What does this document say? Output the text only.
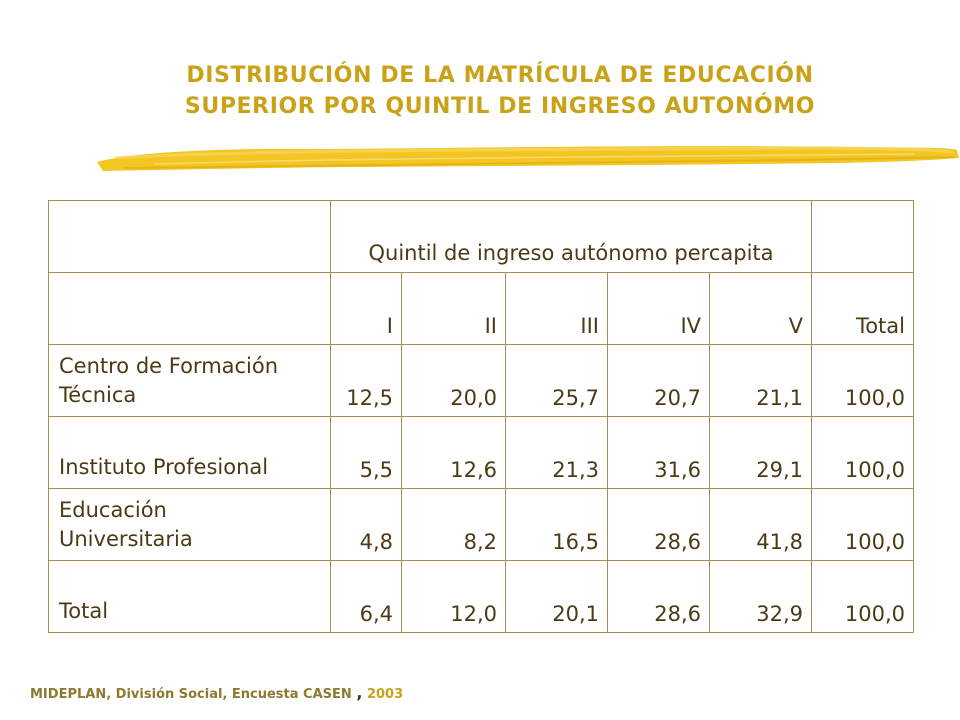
DISTRIBUCIÓN DE LA MATRÍCULA DE EDUCACIÓN
SUPERIOR POR QUINTIL DE INGRESO AUTONÓMO
	Quintil de ingreso autónomo percapita					
	I	II	III	IV	V	Total
Centro de Formación
Técnica	12,5	20,0	25,7	20,7	21,1	100,0
Instituto Profesional	5,5	12,6	21,3	31,6	29,1	100,0
Educación
Universitaria	4,8	8,2	16,5	28,6	41,8	100,0
Total	6,4	12,0	20,1	28,6	32,9	100,0
MIDEPLAN, División Social, Encuesta CASEN , 2003
